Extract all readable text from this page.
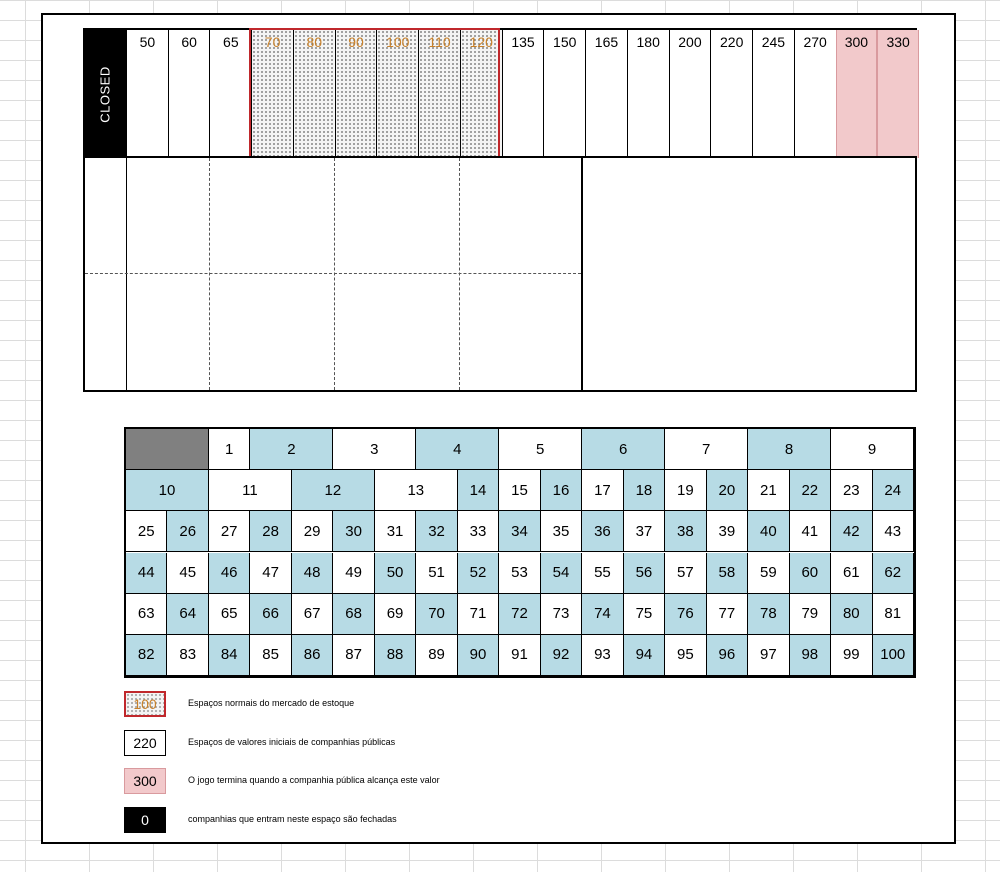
CLOSED
50	60	65	70	80	90	100	110	120	135	150	165	180	200	220	245	270	300	330
1	2	3	4	5	6	7	8	9
10	11	12	13	14	15	16	17	18	19	20	21	22	23	24
25	26	27	28	29	30	31	32	33	34	35	36	37	38	39	40	41	42	43
44	45	46	47	48	49	50	51	52	53	54	55	56	57	58	59	60	61	62
63	64	65	66	67	68	69	70	71	72	73	74	75	76	77	78	79	80	81
82	83	84	85	86	87	88	89	90	91	92	93	94	95	96	97	98	99	100
100	Espaços normais do mercado de estoque
220	Espaços de valores iniciais de companhias públicas
300	O jogo termina quando a companhia pública alcança este valor
0	companhias que entram neste espaço são fechadas
